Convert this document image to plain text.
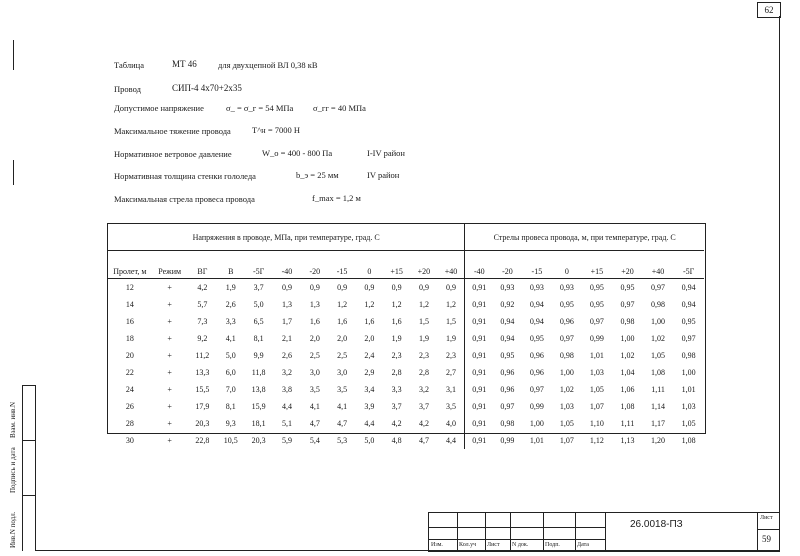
62
Взам. инв.N
Подпись и дата
Инв.N подл.
Таблица	МТ 46	для двухцепной ВЛ 0,38 кВ
Провод	СИП-4 4х70+2х35
Допустимое напряжение	σ_ = σ_г = 54 МПа σ_гг = 40 МПа
Максимальное тяжение провода T^н = 7000 Н
Нормативное ветровое давление	W_о = 400 - 800 Па	I-IV район
Нормативная толщина стенки гололеда	b_э = 25 мм	IV район
Максимальная стрела провеса провода	f_max = 1,2 м
Напряжения в проводе, МПа, при температуре, град. С												Стрелы провеса провода, м, при температуре, град. С							
Пролет, м	Режим	ВГ	В	-5Г	-40	-20	-15	0	+15	+20	+40	-40	-20	-15	0	+15	+20	+40	-5Г
12	+	4,2	1,9	3,7	0,9	0,9	0,9	0,9	0,9	0,9	0,9	0,91	0,93	0,93	0,93	0,95	0,95	0,97	0,94
14	+	5,7	2,6	5,0	1,3	1,3	1,2	1,2	1,2	1,2	1,2	0,91	0,92	0,94	0,95	0,95	0,97	0,98	0,94
16	+	7,3	3,3	6,5	1,7	1,6	1,6	1,6	1,6	1,5	1,5	0,91	0,94	0,94	0,96	0,97	0,98	1,00	0,95
18	+	9,2	4,1	8,1	2,1	2,0	2,0	2,0	1,9	1,9	1,9	0,91	0,94	0,95	0,97	0,99	1,00	1,02	0,97
20	+	11,2	5,0	9,9	2,6	2,5	2,5	2,4	2,3	2,3	2,3	0,91	0,95	0,96	0,98	1,01	1,02	1,05	0,98
22	+	13,3	6,0	11,8	3,2	3,0	3,0	2,9	2,8	2,8	2,7	0,91	0,96	0,96	1,00	1,03	1,04	1,08	1,00
24	+	15,5	7,0	13,8	3,8	3,5	3,5	3,4	3,3	3,2	3,1	0,91	0,96	0,97	1,02	1,05	1,06	1,11	1,01
26	+	17,9	8,1	15,9	4,4	4,1	4,1	3,9	3,7	3,7	3,5	0,91	0,97	0,99	1,03	1,07	1,08	1,14	1,03
28	+	20,3	9,3	18,1	5,1	4,7	4,7	4,4	4,2	4,2	4,0	0,91	0,98	1,00	1,05	1,10	1,11	1,17	1,05
30	+	22,8	10,5	20,3	5,9	5,4	5,3	5,0	4,8	4,7	4,4	0,91	0,99	1,01	1,07	1,12	1,13	1,20	1,08
Изм.	Кол.уч Лист N док.	Подп.	Дата
Лист
59
26.0018-ПЗ
